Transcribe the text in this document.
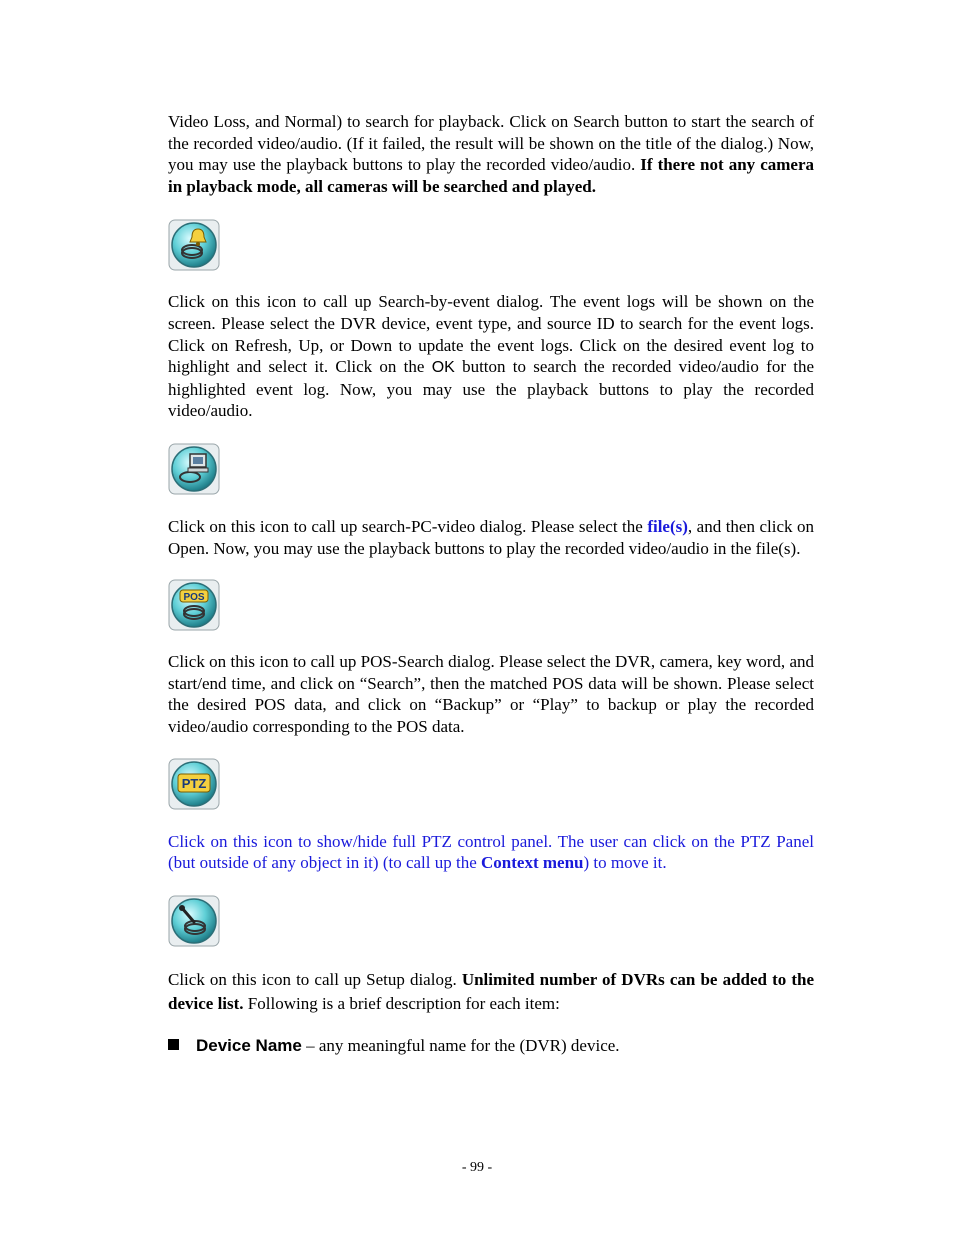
Video Loss, and Normal) to search for playback. Click on Search button to start the search of the recorded video/audio. (If it failed, the result will be shown on the title of the dialog.) Now, you may use the playback buttons to play the recorded video/audio. If there not any camera in playback mode, all cameras will be searched and played.

Click on this icon to call up Search-by-event dialog. The event logs will be shown on the screen. Please select the DVR device, event type, and source ID to search for the event logs. Click on Refresh, Up, or Down to update the event logs. Click on the desired event log to highlight and select it. Click on the OK button to search the recorded video/audio for the highlighted event log. Now, you may use the playback buttons to play the recorded video/audio.

Click on this icon to call up search-PC-video dialog. Please select the file(s), and then click on Open. Now, you may use the playback buttons to play the recorded video/audio in the file(s).

POS

Click on this icon to call up POS-Search dialog. Please select the DVR, camera, key word, and start/end time, and click on “Search”, then the matched POS data will be shown. Please select the desired POS data, and click on “Backup” or “Play” to backup or play the recorded video/audio corresponding to the POS data.

PTZ

Click on this icon to show/hide full PTZ control panel. The user can click on the PTZ Panel (but outside of any object in it) (to call up the Context menu) to move it.

Click on this icon to call up Setup dialog. Unlimited number of DVRs can be added to the device list. Following is a brief description for each item:

Device Name – any meaningful name for the (DVR) device.

- 99 -
